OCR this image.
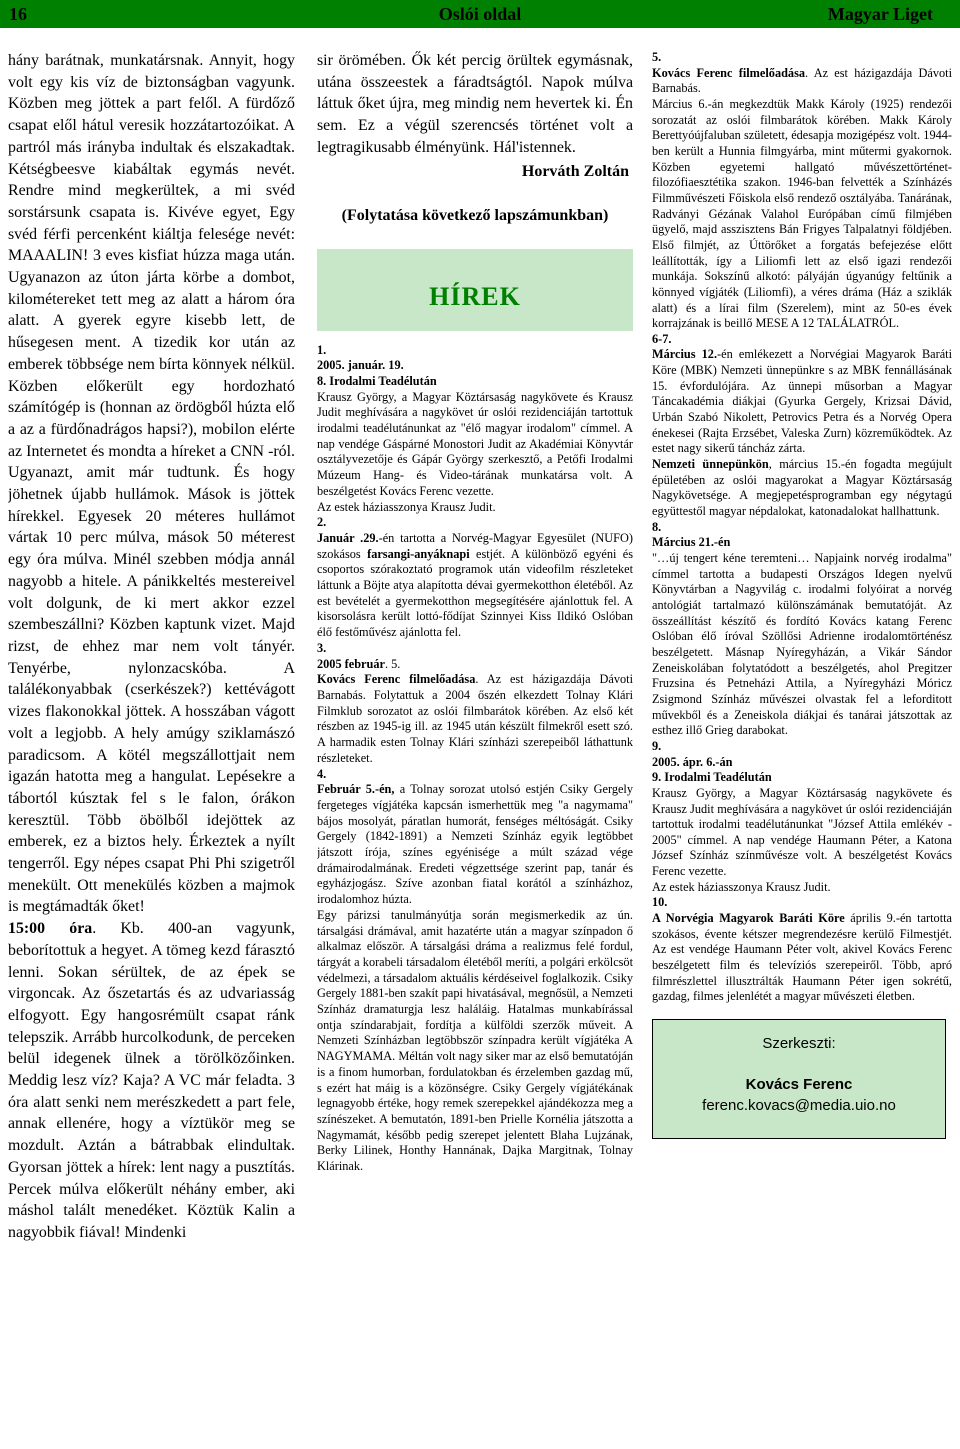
16	Oslói oldal	Magyar Liget

hány barátnak, munkatársnak. Annyit, hogy volt egy kis víz de biztonságban vagyunk. Közben meg jöttek a part felől. A fürdőző csapat elől hátul veresik hozzátartozóikat. A partról más irányba indultak és elszakadtak. Kétségbeesve kiabáltak egymás nevét. Rendre mind megkerültek, a mi svéd sorstársunk csapata is. Kivéve egyet, Egy svéd férfi percenként kiáltja felesége nevét: MAAALIN! 3 eves kisfiat húzza maga után. Ugyanazon az úton járta körbe a dombot, kilométereket tett meg az alatt a három óra alatt. A gyerek egyre kisebb lett, de hűsegesen ment. A tizedik kor után az emberek többsége nem bírta könnyek nélkül. Közben előkerült egy hordozható számítógép is (honnan az ördögből húzta elő a az a fürdőnadrágos hapsi?), mobilon elérte az Internetet és mondta a híreket a CNN -ról. Ugyanazt, amit már tudtunk. És hogy jöhetnek újabb hullámok. Mások is jöttek hírekkel. Egyesek 20 méteres hullámot vártak 10 perc múlva, mások 50 méterest egy óra múlva. Minél szebben módja annál nagyobb a hitele. A pánikkeltés mestereivel volt dolgunk, de ki mert akkor ezzel szembeszállni? Közben kaptunk vizet. Majd rizst, de ehhez mar nem volt tányér. Tenyérbe, nylonzacskóba. A találékonyabbak (cserkészek?) kettévágott vizes flakonokkal jöttek. A hosszában vágott volt a legjobb. A hely amúgy sziklamászó paradicsom. A kötél megszállottjait nem igazán hatotta meg a hangulat. Lepésekre a tábortól kúsztak fel s le falon, órákon keresztül. Több öbölből idejöttek az emberek, ez a biztos hely. Érkeztek a nyílt tengerről. Egy népes csapat Phi Phi szigetről menekült. Ott menekülés közben a majmok is megtámadták őket!

15:00 óra. Kb. 400-an vagyunk, beborítottuk a hegyet. A tömeg kezd fárasztó lenni. Sokan sérültek, de az épek se virgoncak. Az őszetartás és az udvariasság elfogyott. Egy hangosrémült csapat ránk telepszik. Arrább hurcolkodunk, de perceken belül idegenek ülnek a törölközőinken. Meddig lesz víz? Kaja? A VC már feladta. 3 óra alatt senki nem merészkedett a part fele, annak ellenére, hogy a víztükör meg se mozdult. Aztán a bátrabbak elindultak. Gyorsan jöttek a hírek: lent nagy a pusztítás. Percek múlva előkerült néhány ember, aki máshol talált menedéket. Köztük Kalin a nagyobbik fiával! Mindenki

sir örömében. Ők két percig örültek egymásnak, utána összeestek a fáradtságtól. Napok múlva láttuk őket újra, meg mindig nem hevertek ki. Én sem. Ez a végül szerencsés történet volt a legtragikusabb élményünk. Hál'istennek.

Horváth Zoltán

(Folytatása következő lapszámunkban)

HÍREK

1.

2005. január. 19.

8. Irodalmi Teadélután

Krausz György, a Magyar Köztársaság nagykövete és Krausz Judit meghívására a nagykövet úr oslói rezidenciáján tartottuk irodalmi teadélutánunkat az "élő magyar irodalom" címmel. A nap vendége Gáspárné Monostori Judit az Akadémiai Könyvtár osztályvezetője és Gápár György szerkesztő, a Petőfi Irodalmi Múzeum Hang- és Video-tárának munkatársa volt. A beszélgetést Kovács Ferenc vezette.

Az estek háziasszonya Krausz Judit.

2.

Január .29.-én tartotta a Norvég-Magyar Egyesület (NUFO) szokásos farsangi-anyáknapi estjét. A különböző egyéni és csoportos szórakoztató programok után videofilm részleteket láttunk a Böjte atya alapította dévai gyermekotthon életéből. Az est bevételét a gyermekotthon megsegítésére ajánlottuk fel. A kisorsolásra került lottó-fődíjat Szinnyei Kiss Ildikó Oslóban élő festőművész ajánlotta fel.

3.

2005 február. 5.

Kovács Ferenc filmelőadása. Az est házigazdája Dávoti Barnabás. Folytattuk a 2004 őszén elkezdett Tolnay Klári Filmklub sorozatot az oslói filmbarátok körében. Az első két részben az 1945-ig ill. az 1945 után készült filmekről esett szó. A harmadik esten Tolnay Klári színházi szerepeiből láthattunk részleteket.

4.

Február 5.-én, a Tolnay sorozat utolsó estjén Csiky Gergely fergeteges vígjátéka kapcsán ismerhettük meg "a nagymama" bájos mosolyát, páratlan humorát, fenséges méltóságát. Csiky Gergely (1842-1891) a Nemzeti Színház egyik legtöbbet játszott írója, színes egyénisége a múlt század vége drámairodalmának. Eredeti végzettsége szerint pap, tanár és egyházjogász. Szíve azonban fiatal korától a színházhoz, irodalomhoz húzta.

Egy párizsi tanulmányútja során megismerkedik az ún. társalgási drámával, amit hazatérte után a magyar színpadon ő alkalmaz először. A társalgási dráma a realizmus felé fordul, tárgyát a korabeli társadalom életéből meríti, a polgári erkölcsöt védelmezi, a társadalom aktuális kérdéseivel foglalkozik. Csiky Gergely 1881-ben szakít papi hivatásával, megnősül, a Nemzeti Színház dramaturgja lesz haláláig. Hatalmas munkabírással ontja színdarabjait, fordítja a külföldi szerzők műveit. A Nemzeti Színházban legtöbbször színpadra került vígjátéka A NAGYMAMA. Méltán volt nagy siker mar az első bemutatóján is a finom humorban, fordulatokban és érzelemben gazdag mű, s ezért hat máig is a közönségre. Csiky Gergely vígjátékának legnagyobb értéke, hogy remek szerepekkel ajándékozza meg a színészeket. A bemutatón, 1891-ben Prielle Kornélia játszotta a Nagymamát, később pedig szerepet jelentett Blaha Lujzának, Berky Lilinek, Honthy Hannának, Dajka Margitnak, Tolnay Klárinak.

5.

Kovács Ferenc filmelőadása. Az est házigazdája Dávoti Barnabás.

Március 6.-án megkezdtük Makk Károly (1925) rendezői sorozatát az oslói filmbarátok körében. Makk Károly Berettyóújfaluban született, édesapja mozigépész volt. 1944-ben került a Hunnia filmgyárba, mint műtermi gyakornok. Közben egyetemi hallgató művészettörténet-filozófiaesztétika szakon. 1946-ban felvették a Színházés Filmművészeti Főiskola első rendező osztályába. Tanárának, Radványi Gézának Valahol Európában című filmjében ügyelő, majd asszisztens Bán Frigyes Talpalatnyi földjében. Első filmjét, az Úttörőket a forgatás befejezése előtt leállították, így a Liliomfi lett az első igazi rendezői munkája. Sokszínű alkotó: pályáján úgyanúgy feltűnik a könnyed vígjáték (Liliomfi), a véres dráma (Ház a sziklák alatt) és a lírai film (Szerelem), mint az 50-es évek korrajzának is beillő MESE A 12 TALÁLATRÓL.

6-7.

Március 12.-én emlékezett a Norvégiai Magyarok Baráti Köre (MBK) Nemzeti ünnepünkre s az MBK fennállásának 15. évfordulójára. Az ünnepi műsorban a Magyar Táncakadémia diákjai (Gyurka Gergely, Krizsai Dávid, Urbán Szabó Nikolett, Petrovics Petra és a Norvég Opera énekesei (Rajta Erzsébet, Valeska Zurn) közreműködtek. Az estet nagy sikerű táncház zárta.

Nemzeti ünnepünkön, március 15.-én fogadta megújult épületében az oslói magyarokat a Magyar Köztársaság Nagykövetsége. A megjepetésprogramban egy négytagú együttestől magyar népdalokat, katonadalokat hallhattunk.

8.

Március 21.-én

"…új tengert kéne teremteni… Napjaink norvég irodalma" címmel tartotta a budapesti Országos Idegen nyelvű Könyvtárban a Nagyvilág c. irodalmi folyóirat a norvég antológiát tartalmazó különszámának bemutatóját. Az összeállítást készítő és fordító Kovács katang Ferenc Oslóban élő íróval Szöllősi Adrienne irodalomtörténész beszélgetett. Másnap Nyíregyházán, a Vikár Sándor Zeneiskolában folytatódott a beszélgetés, ahol Pregitzer Fruzsina és Petneházi Attila, a Nyíregyházi Móricz Zsigmond Színház művészei olvastak fel a leforditott művekből és a Zeneiskola diákjai és tanárai játszottak az esthez illő Grieg darabokat.

9.

2005. ápr. 6.-án

9. Irodalmi Teadélután

Krausz György, a Magyar Köztársaság nagykövete és Krausz Judit meghívására a nagykövet úr oslói rezidenciáján tartottuk irodalmi teadélutánunkat "József Attila emlékév - 2005" címmel. A nap vendége Haumann Péter, a Katona József Színház színművésze volt. A beszélgetést Kovács Ferenc vezette.

Az estek háziasszonya Krausz Judit.

10.

A Norvégia Magyarok Baráti Köre április 9.-én tartotta szokásos, évente kétszer megrendezésre kerülő Filmestjét. Az est vendége Haumann Péter volt, akivel Kovács Ferenc beszélgetett film és televíziós szerepeiről. Több, apró filmrészlettel illusztrálták Haumann Péter igen sokrétű, gazdag, filmes jelenlétét a magyar művészeti életben.

Szerkeszti:
Kovács Ferenc
ferenc.kovacs@media.uio.no
